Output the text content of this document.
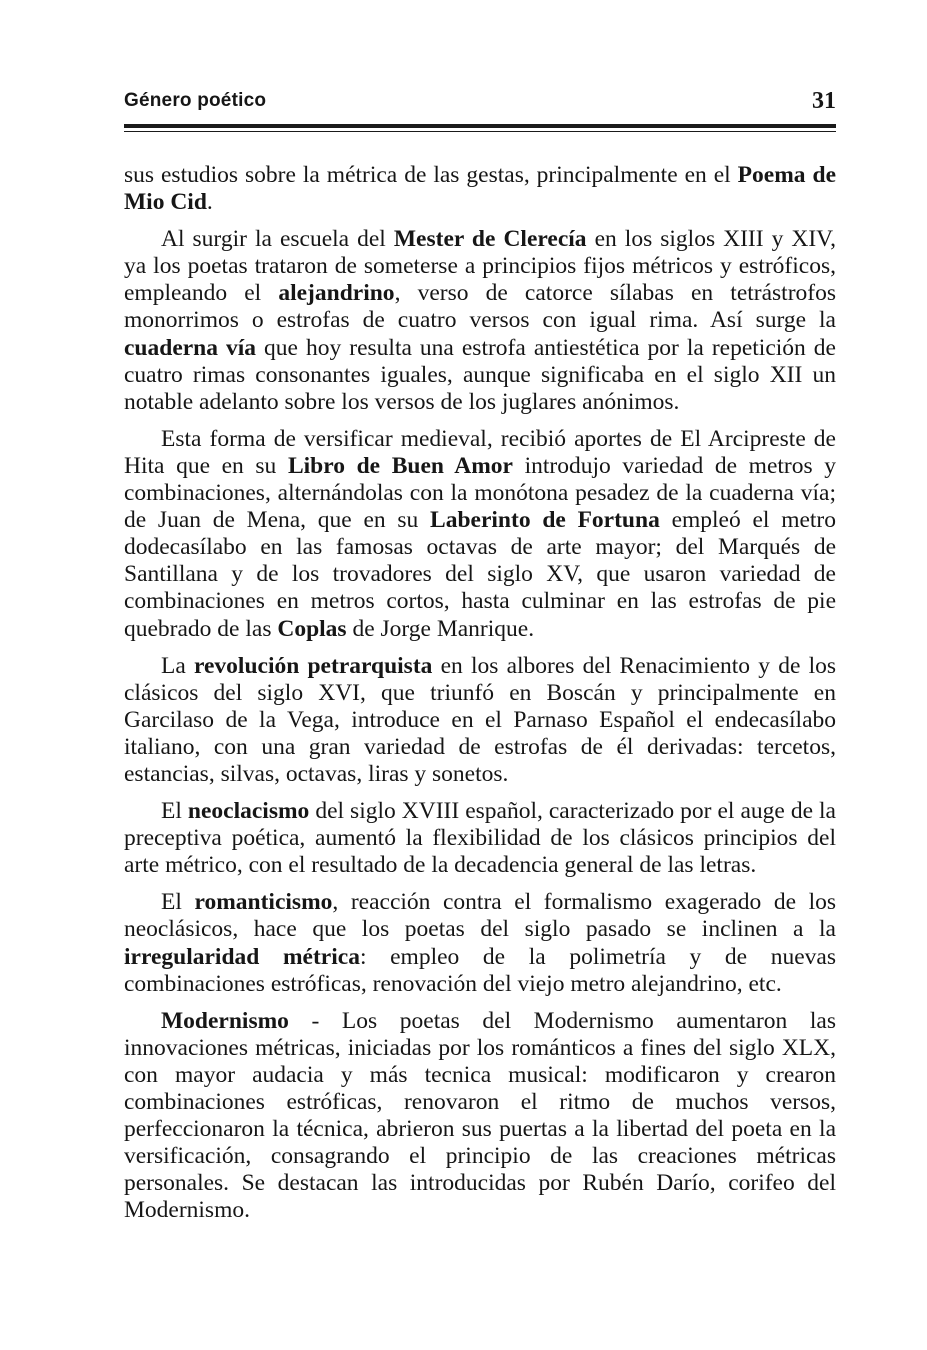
Género poético	31

sus estudios sobre la métrica de las gestas, principalmente en el Poema de Mio Cid.

Al surgir la escuela del Mester de Clerecía en los siglos XIII y XIV, ya los poetas trataron de someterse a principios fijos métricos y estróficos, empleando el alejandrino, verso de catorce sílabas en tetrástrofos monorrimos o estrofas de cuatro versos con igual rima. Así surge la cuaderna vía que hoy resulta una estrofa antiestética por la repetición de cuatro rimas consonantes iguales, aunque significaba en el siglo XII un notable adelanto sobre los versos de los juglares anónimos.

Esta forma de versificar medieval, recibió aportes de El Arcipreste de Hita que en su Libro de Buen Amor introdujo variedad de metros y combinaciones, alternándolas con la monótona pesadez de la cuaderna vía; de Juan de Mena, que en su Laberinto de Fortuna empleó el metro dodecasílabo en las famosas octavas de arte mayor; del Marqués de Santillana y de los trovadores del siglo XV, que usaron variedad de combinaciones en metros cortos, hasta culminar en las estrofas de pie quebrado de las Coplas de Jorge Manrique.

La revolución petrarquista en los albores del Renacimiento y de los clásicos del siglo XVI, que triunfó en Boscán y principalmente en Garcilaso de la Vega, introduce en el Parnaso Español el endecasílabo italiano, con una gran variedad de estrofas de él derivadas: tercetos, estancias, silvas, octavas, liras y sonetos.

El neoclacismo del siglo XVIII español, caracterizado por el auge de la preceptiva poética, aumentó la flexibilidad de los clásicos principios del arte métrico, con el resultado de la decadencia general de las letras.

El romanticismo, reacción contra el formalismo exagerado de los neoclásicos, hace que los poetas del siglo pasado se inclinen a la irregularidad métrica: empleo de la polimetría y de nuevas combinaciones estróficas, renovación del viejo metro alejandrino, etc.

Modernismo - Los poetas del Modernismo aumentaron las innovaciones métricas, iniciadas por los románticos a fines del siglo XLX, con mayor audacia y más tecnica musical: modificaron y crearon combinaciones estróficas, renovaron el ritmo de muchos versos, perfeccionaron la técnica, abrieron sus puertas a la libertad del poeta en la versificación, consagrando el principio de las creaciones métricas personales. Se destacan las introducidas por Rubén Darío, corifeo del Modernismo.
